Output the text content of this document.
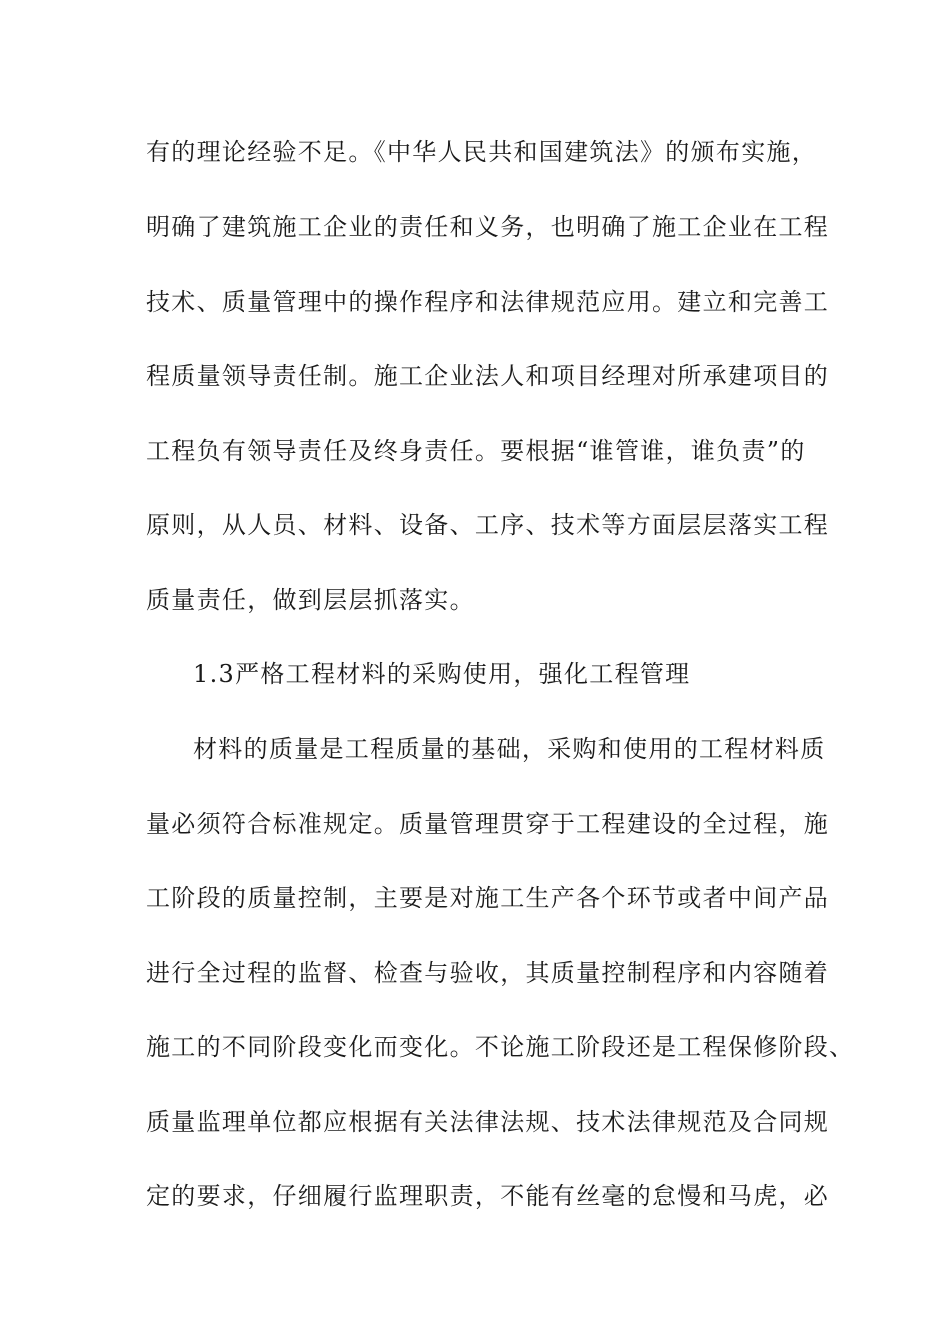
有的理论经验不足。《中华人民共和国建筑法》的颁布实施，
明确了建筑施工企业的责任和义务，也明确了施工企业在工程
技术、质量管理中的操作程序和法律规范应用。建立和完善工
程质量领导责任制。施工企业法人和项目经理对所承建项目的
工程负有领导责任及终身责任。要根据“谁管谁，谁负责”的
原则，从人员、材料、设备、工序、技术等方面层层落实工程
质量责任，做到层层抓落实。
1.3严格工程材料的采购使用，强化工程管理
材料的质量是工程质量的基础，采购和使用的工程材料质
量必须符合标准规定。质量管理贯穿于工程建设的全过程，施
工阶段的质量控制，主要是对施工生产各个环节或者中间产品
进行全过程的监督、检查与验收，其质量控制程序和内容随着
施工的不同阶段变化而变化。不论施工阶段还是工程保修阶段、
质量监理单位都应根据有关法律法规、技术法律规范及合同规
定的要求，仔细履行监理职责，不能有丝毫的怠慢和马虎，必
